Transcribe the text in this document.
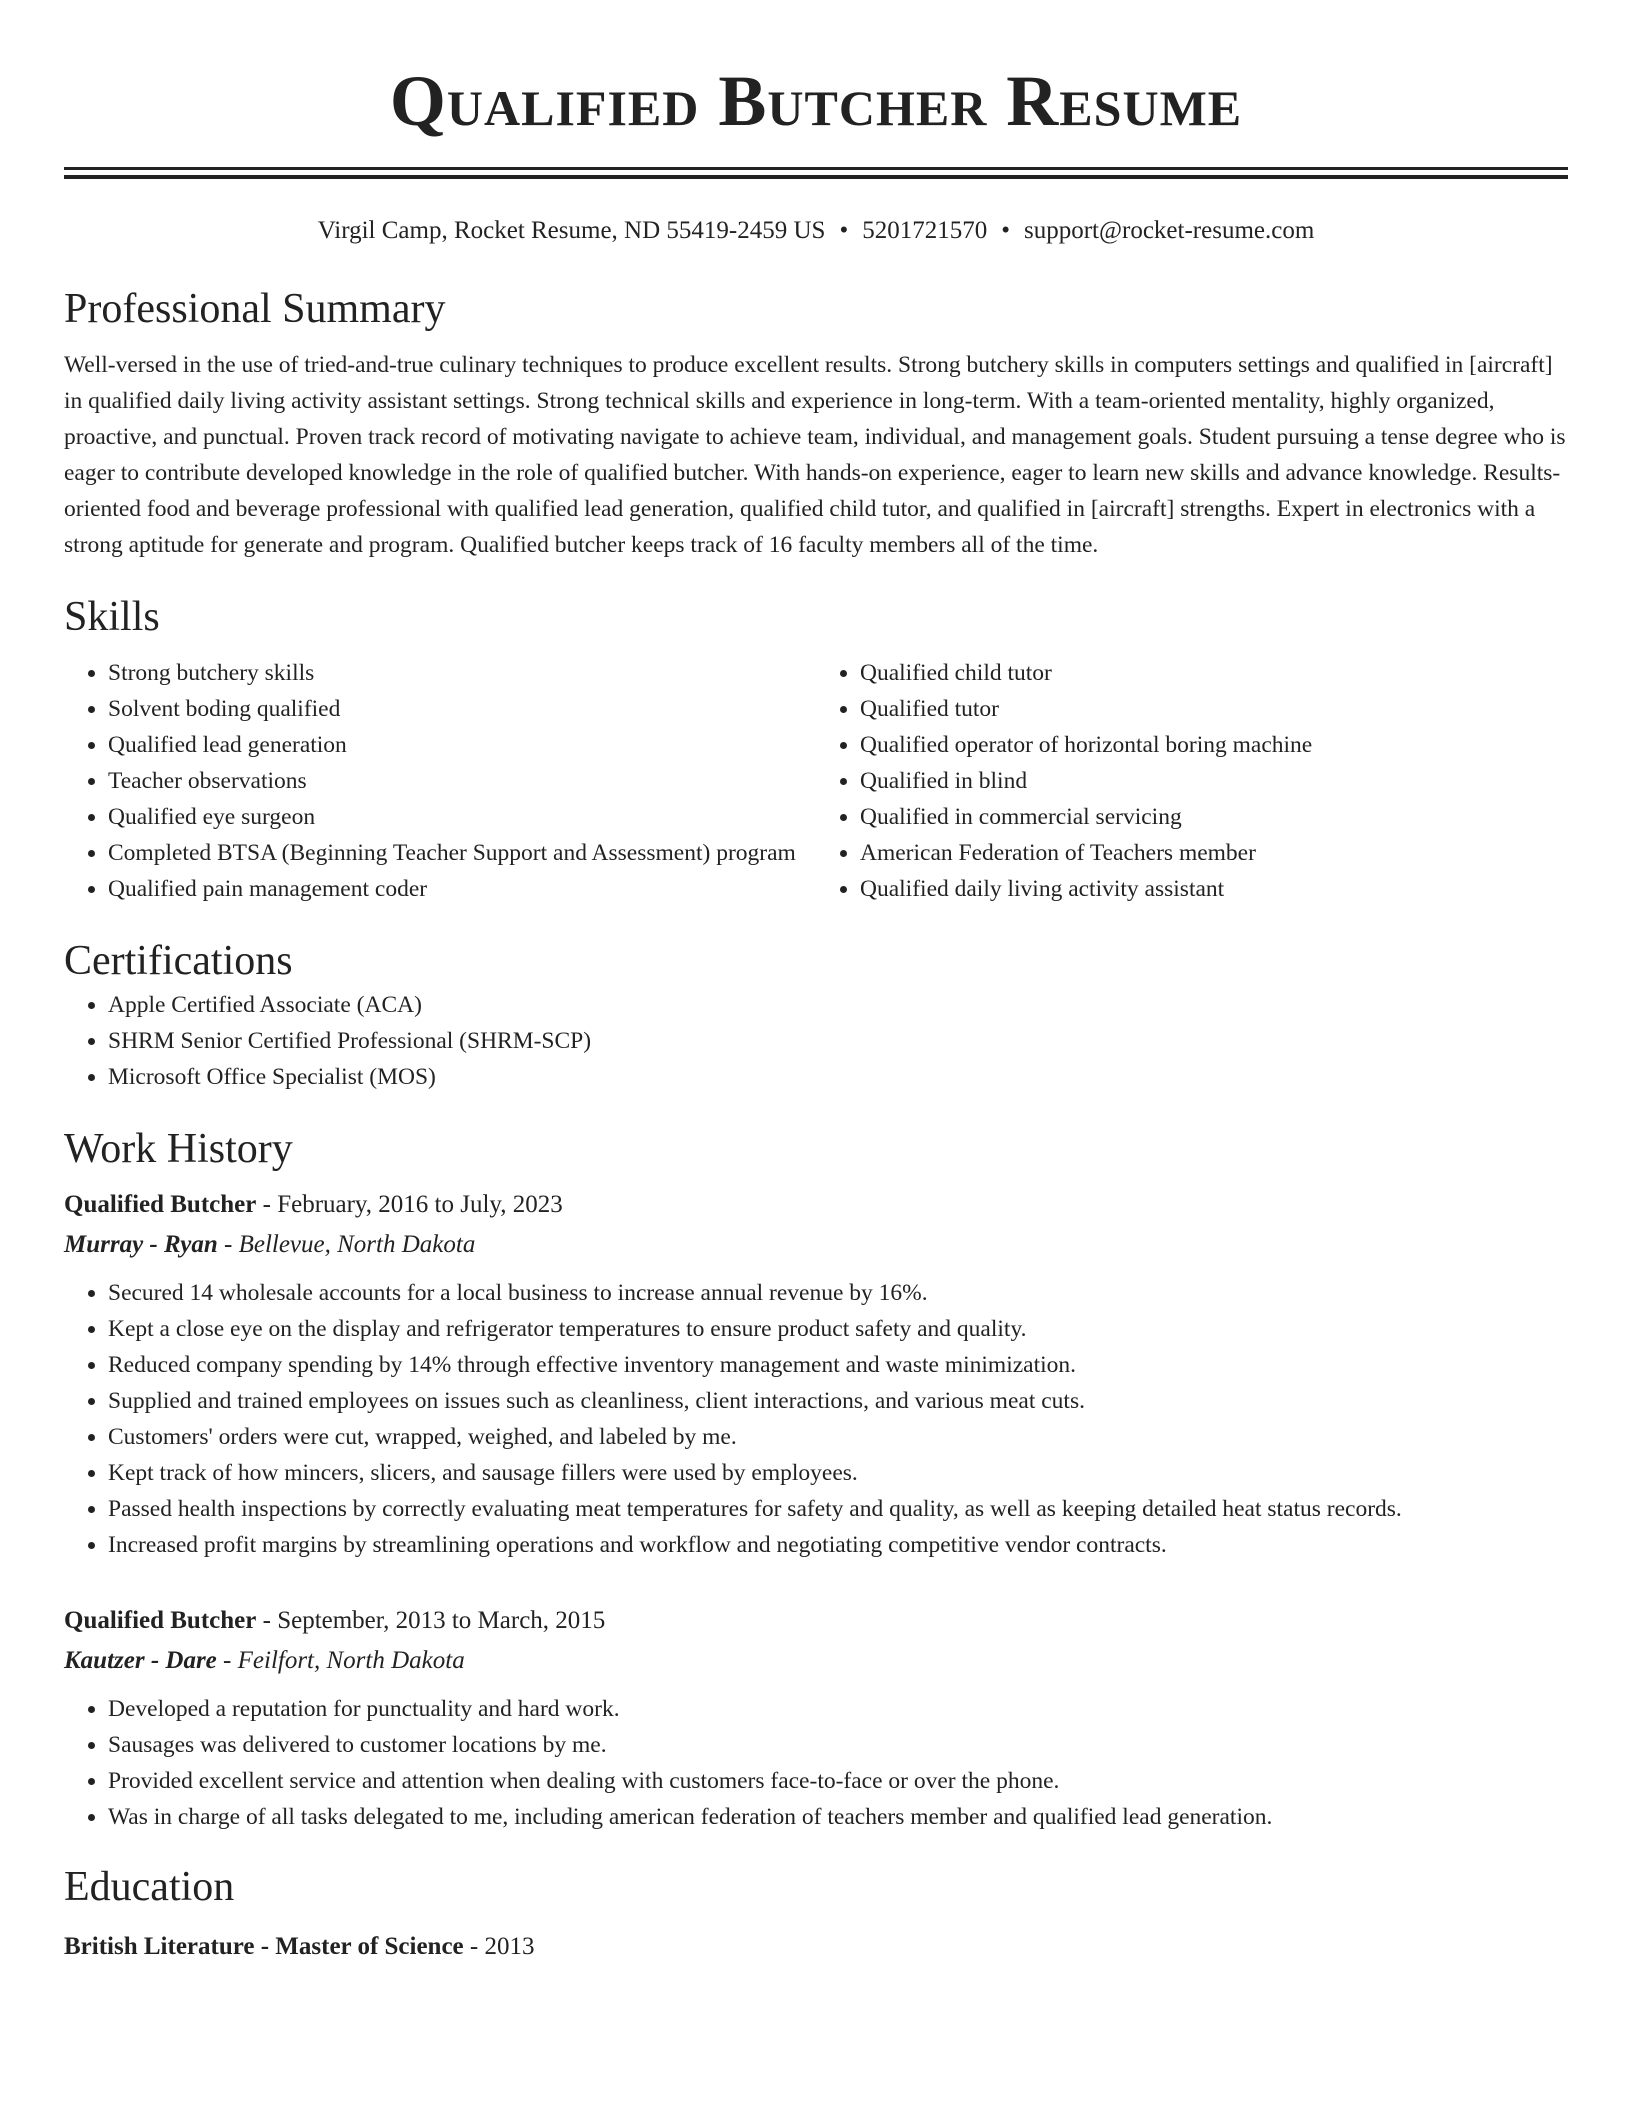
Qualified Butcher Resume
Virgil Camp, Rocket Resume, ND 55419-2459 US • 5201721570 • support@rocket-resume.com
Professional Summary

Well-versed in the use of tried-and-true culinary techniques to produce excellent results. Strong butchery skills in computers settings and qualified in [aircraft] in qualified daily living activity assistant settings. Strong technical skills and experience in long-term. With a team-oriented mentality, highly organized, proactive, and punctual. Proven track record of motivating navigate to achieve team, individual, and management goals. Student pursuing a tense degree who is eager to contribute developed knowledge in the role of qualified butcher. With hands-on experience, eager to learn new skills and advance knowledge. Results-oriented food and beverage professional with qualified lead generation, qualified child tutor, and qualified in [aircraft] strengths. Expert in electronics with a strong aptitude for generate and program. Qualified butcher keeps track of 16 faculty members all of the time.

Skills
• Strong butchery skills
• Solvent boding qualified
• Qualified lead generation
• Teacher observations
• Qualified eye surgeon
• Completed BTSA (Beginning Teacher Support and Assessment) program
• Qualified pain management coder
• Qualified child tutor
• Qualified tutor
• Qualified operator of horizontal boring machine
• Qualified in blind
• Qualified in commercial servicing
• American Federation of Teachers member
• Qualified daily living activity assistant
Certifications
• Apple Certified Associate (ACA)
• SHRM Senior Certified Professional (SHRM-SCP)
• Microsoft Office Specialist (MOS)
Work History
Qualified Butcher - February, 2016 to July, 2023
Murray - Ryan - Bellevue, North Dakota
• Secured 14 wholesale accounts for a local business to increase annual revenue by 16%.
• Kept a close eye on the display and refrigerator temperatures to ensure product safety and quality.
• Reduced company spending by 14% through effective inventory management and waste minimization.
• Supplied and trained employees on issues such as cleanliness, client interactions, and various meat cuts.
• Customers' orders were cut, wrapped, weighed, and labeled by me.
• Kept track of how mincers, slicers, and sausage fillers were used by employees.
• Passed health inspections by correctly evaluating meat temperatures for safety and quality, as well as keeping detailed heat status records.
• Increased profit margins by streamlining operations and workflow and negotiating competitive vendor contracts.
Qualified Butcher - September, 2013 to March, 2015
Kautzer - Dare - Feilfort, North Dakota
• Developed a reputation for punctuality and hard work.
• Sausages was delivered to customer locations by me.
• Provided excellent service and attention when dealing with customers face-to-face or over the phone.
• Was in charge of all tasks delegated to me, including american federation of teachers member and qualified lead generation.
Education
British Literature - Master of Science - 2013
